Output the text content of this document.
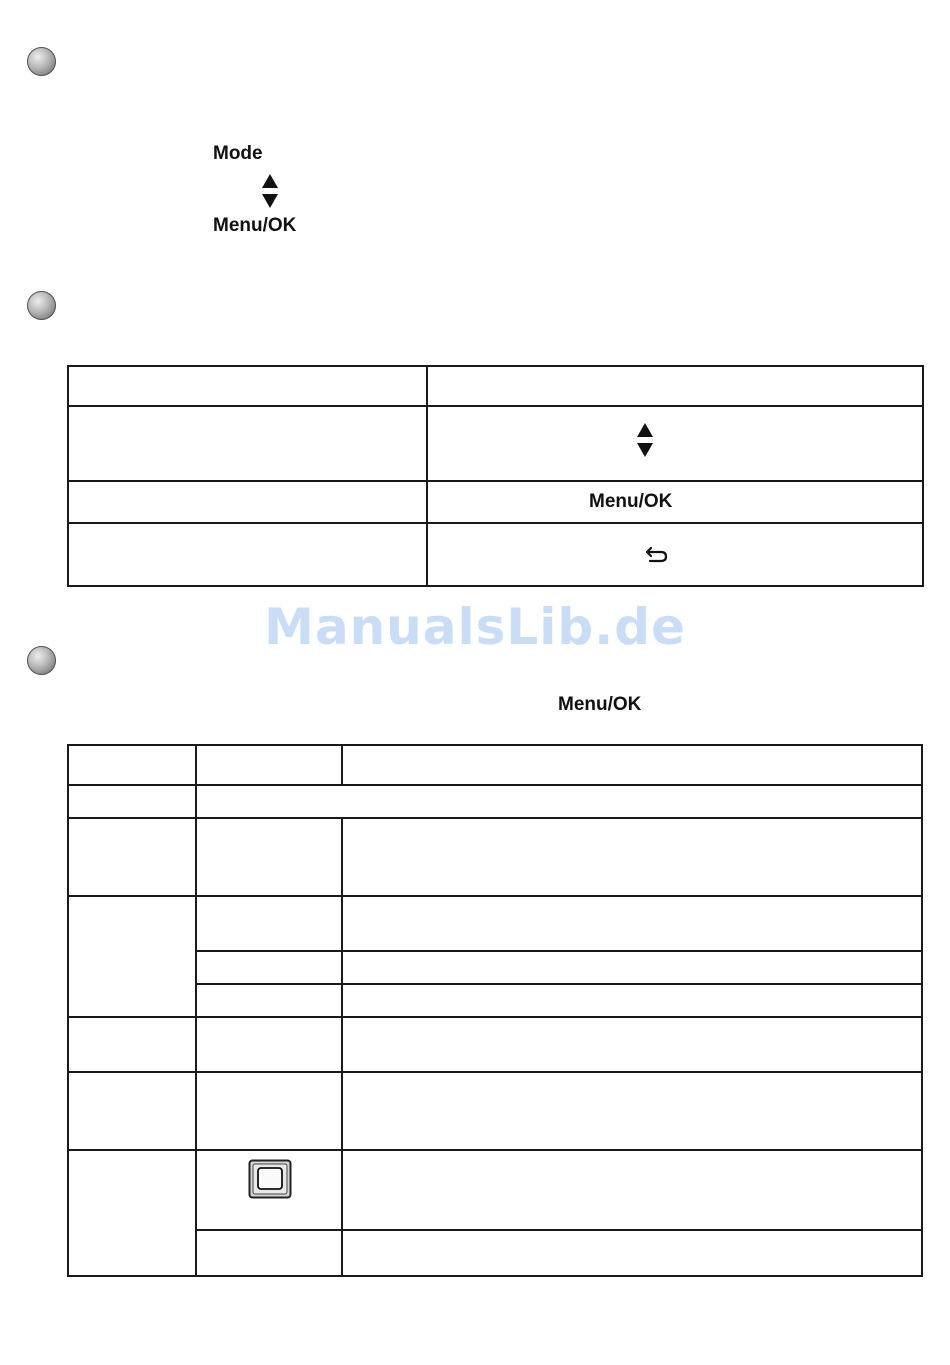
Mode
Menu/OK

	Menu/OK

ManualsLib.de
Menu/OK
